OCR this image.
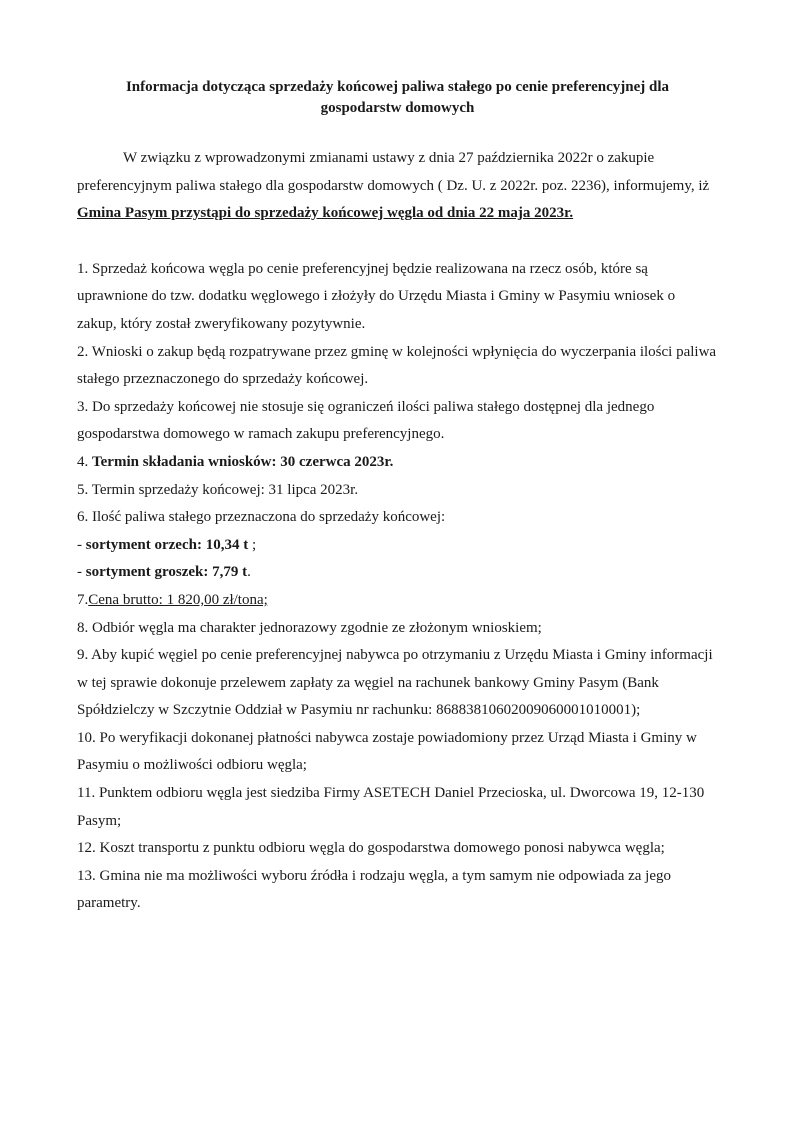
Informacja dotycząca sprzedaży końcowej paliwa stałego po cenie preferencyjnej dla gospodarstw domowych

W związku z wprowadzonymi zmianami ustawy z dnia 27 października 2022r o zakupie preferencyjnym paliwa stałego dla gospodarstw domowych ( Dz. U. z 2022r. poz. 2236), informujemy, iż Gmina Pasym przystąpi do sprzedaży końcowej węgla od dnia 22 maja 2023r.

1. Sprzedaż końcowa węgla po cenie preferencyjnej będzie realizowana na rzecz osób, które są uprawnione do tzw. dodatku węglowego i złożyły do Urzędu Miasta i Gminy w Pasymiu wniosek o zakup, który został zweryfikowany pozytywnie.

2. Wnioski o zakup będą rozpatrywane przez gminę w kolejności wpłynięcia do wyczerpania ilości paliwa stałego przeznaczonego do sprzedaży końcowej.

3. Do sprzedaży końcowej nie stosuje się ograniczeń ilości paliwa stałego dostępnej dla jednego gospodarstwa domowego w ramach zakupu preferencyjnego.

4. Termin składania wniosków: 30 czerwca 2023r.

5. Termin sprzedaży końcowej: 31 lipca 2023r.

6. Ilość paliwa stałego przeznaczona do sprzedaży końcowej:

- sortyment orzech: 10,34 t ;

- sortyment groszek: 7,79 t.

7.Cena brutto: 1 820,00 zł/tona;

8. Odbiór węgla ma charakter jednorazowy zgodnie ze złożonym wnioskiem;

9. Aby kupić węgiel po cenie preferencyjnej nabywca po otrzymaniu z Urzędu Miasta i Gminy informacji w tej sprawie dokonuje przelewem zapłaty za węgiel na rachunek bankowy Gminy Pasym (Bank Spółdzielczy w Szczytnie Oddział w Pasymiu nr rachunku: 86883810602009060001010001);

10. Po weryfikacji dokonanej płatności nabywca zostaje powiadomiony przez Urząd Miasta i Gminy w Pasymiu o możliwości odbioru węgla;

11. Punktem odbioru węgla jest siedziba Firmy ASETECH Daniel Przecioska, ul. Dworcowa 19, 12-130 Pasym;

12. Koszt transportu z punktu odbioru węgla do gospodarstwa domowego ponosi nabywca węgla;

13. Gmina nie ma możliwości wyboru źródła i rodzaju węgla, a tym samym nie odpowiada za jego parametry.
